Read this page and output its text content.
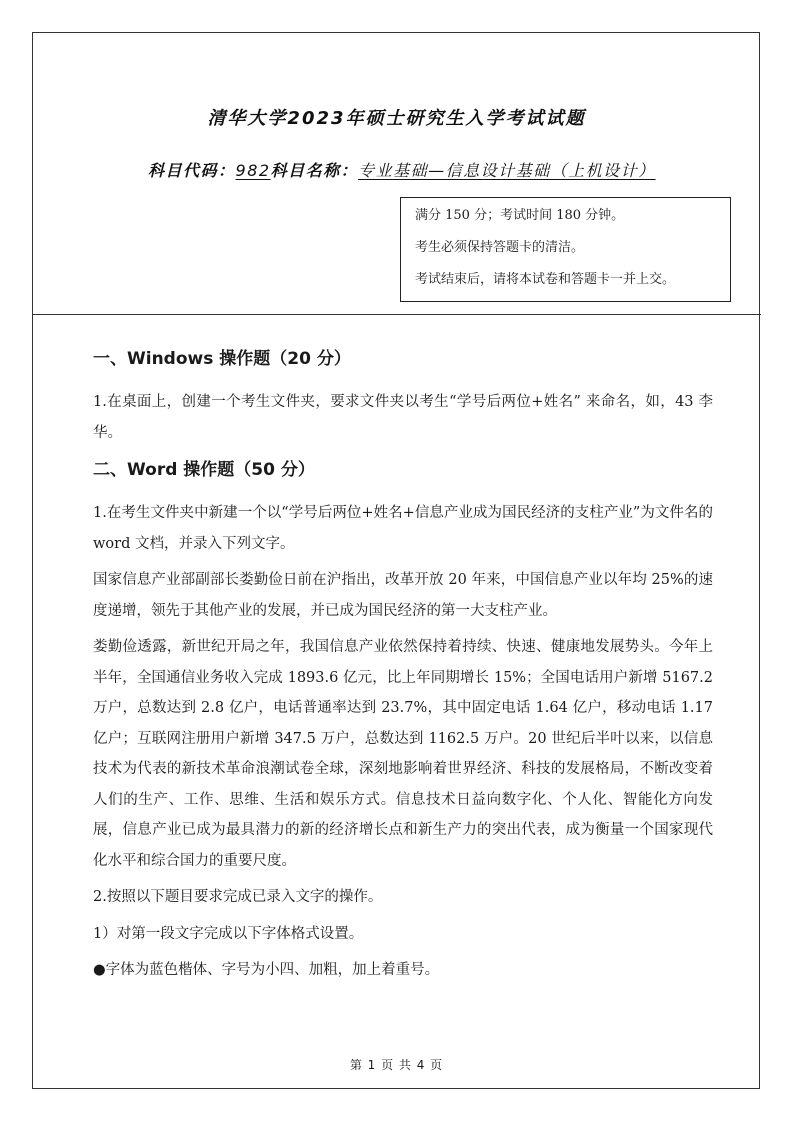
清华大学2023年硕士研究生入学考试试题
科目代码：982科目名称：专业基础—信息设计基础（上机设计）
满分 150 分；考试时间 180 分钟。
考生必须保持答题卡的清洁。
考试结束后，请将本试卷和答题卡一并上交。
一、Windows 操作题（20 分）

1.在桌面上，创建一个考生文件夹，要求文件夹以考生“学号后两位+姓名” 来命名，如，43 李华。

二、Word 操作题（50 分）

1.在考生文件夹中新建一个以“学号后两位+姓名+信息产业成为国民经济的支柱产业”为文件名的 word 文档，并录入下列文字。

国家信息产业部副部长娄勤俭日前在沪指出，改革开放 20 年来，中国信息产业以年均 25%的速度递增，领先于其他产业的发展，并已成为国民经济的第一大支柱产业。

娄勤俭透露，新世纪开局之年，我国信息产业依然保持着持续、快速、健康地发展势头。今年上半年，全国通信业务收入完成 1893.6 亿元，比上年同期增长 15%；全国电话用户新增 5167.2 万户，总数达到 2.8 亿户，电话普通率达到 23.7%，其中固定电话 1.64 亿户，移动电话 1.17 亿户；互联网注册用户新增 347.5 万户，总数达到 1162.5 万户。20 世纪后半叶以来，以信息技术为代表的新技术革命浪潮试卷全球，深刻地影响着世界经济、科技的发展格局，不断改变着人们的生产、工作、思维、生活和娱乐方式。信息技术日益向数字化、个人化、智能化方向发展，信息产业已成为最具潜力的新的经济增长点和新生产力的突出代表，成为衡量一个国家现代化水平和综合国力的重要尺度。

2.按照以下题目要求完成已录入文字的操作。

1）对第一段文字完成以下字体格式设置。

●字体为蓝色楷体、字号为小四、加粗，加上着重号。

第 1 页 共 4 页
